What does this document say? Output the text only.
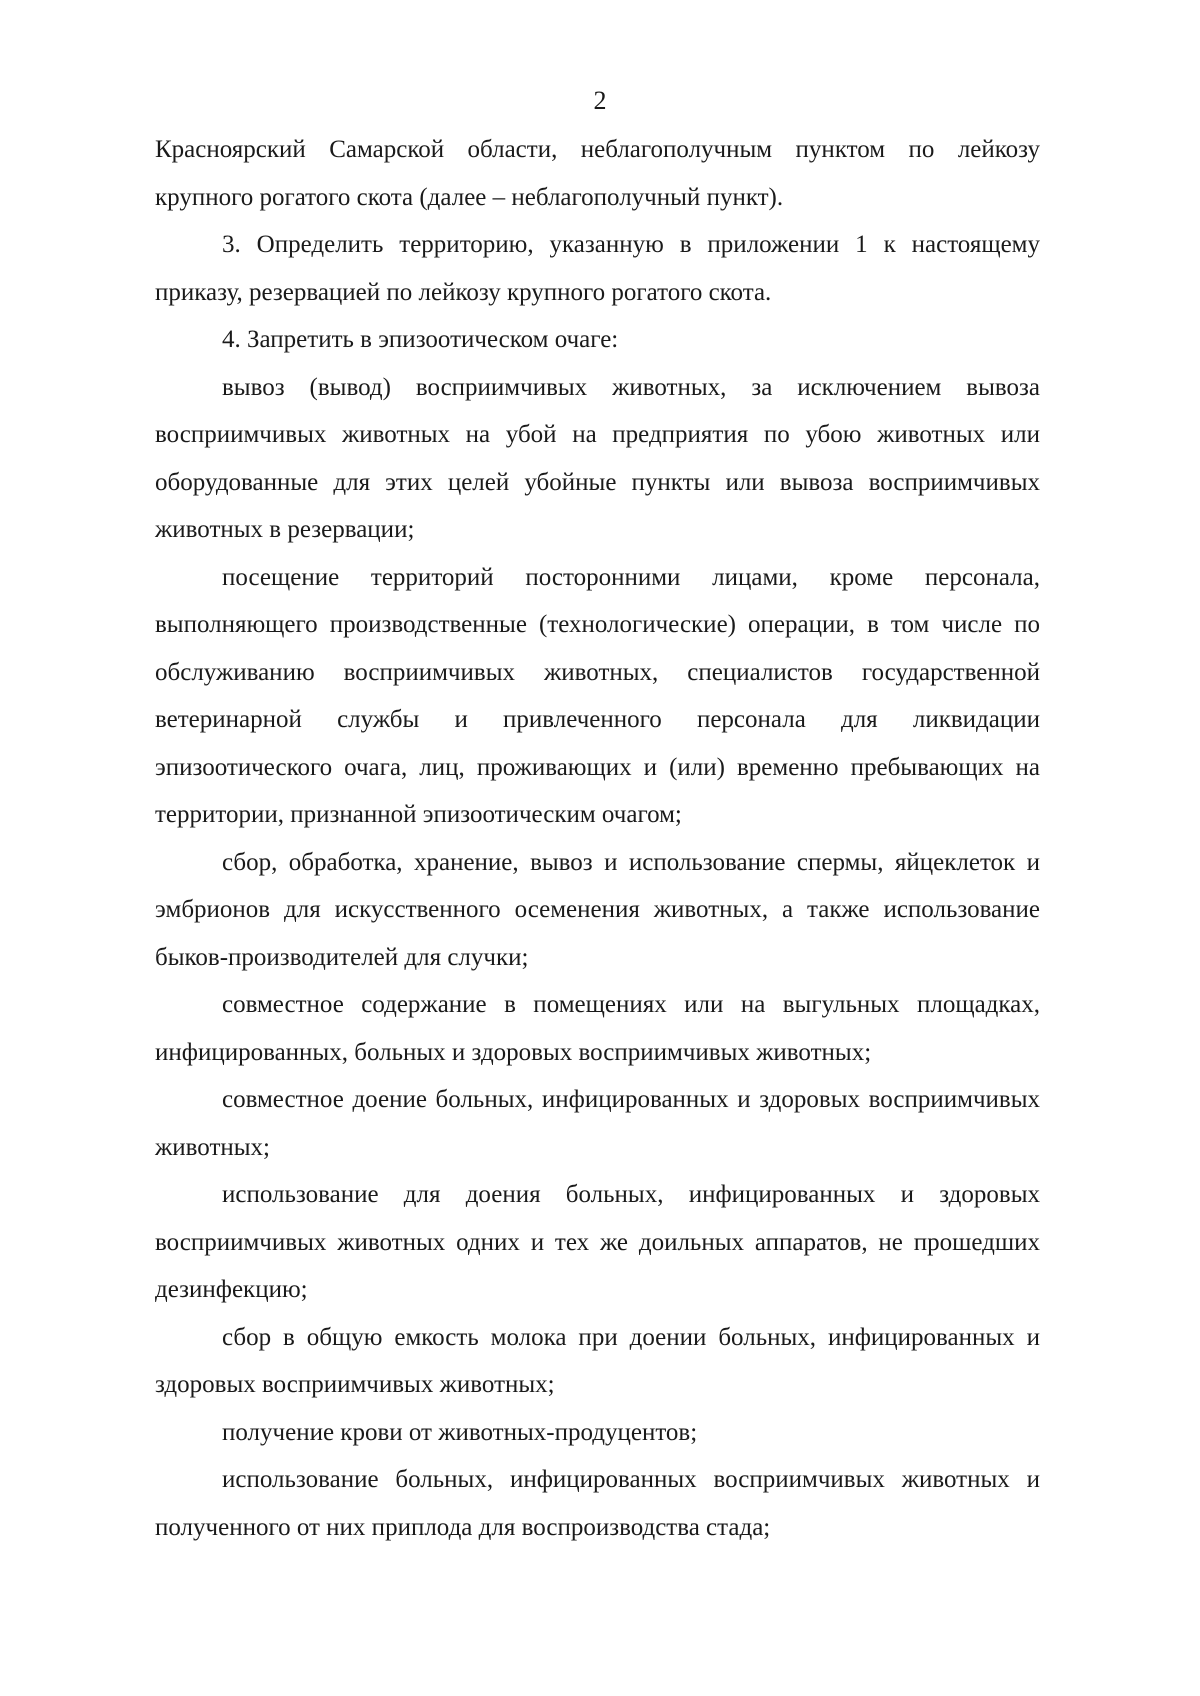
2

Красноярский Самарской области, неблагополучным пунктом по лейкозу крупного рогатого скота (далее – неблагополучный пункт).

3. Определить территорию, указанную в приложении 1 к настоящему приказу, резервацией по лейкозу крупного рогатого скота.

4. Запретить в эпизоотическом очаге:

вывоз (вывод) восприимчивых животных, за исключением вывоза восприимчивых животных на убой на предприятия по убою животных или оборудованные для этих целей убойные пункты или вывоза восприимчивых животных в резервации;

посещение территорий посторонними лицами, кроме персонала, выполняющего производственные (технологические) операции, в том числе по обслуживанию восприимчивых животных, специалистов государственной ветеринарной службы и привлеченного персонала для ликвидации эпизоотического очага, лиц, проживающих и (или) временно пребывающих на территории, признанной эпизоотическим очагом;

сбор, обработка, хранение, вывоз и использование спермы, яйцеклеток и эмбрионов для искусственного осеменения животных, а также использование быков-производителей для случки;

совместное содержание в помещениях или на выгульных площадках, инфицированных, больных и здоровых восприимчивых животных;

совместное доение больных, инфицированных и здоровых восприимчивых животных;

использование для доения больных, инфицированных и здоровых восприимчивых животных одних и тех же доильных аппаратов, не прошедших дезинфекцию;

сбор в общую емкость молока при доении больных, инфицированных и здоровых восприимчивых животных;

получение крови от животных-продуцентов;

использование больных, инфицированных восприимчивых животных и полученного от них приплода для воспроизводства стада;
